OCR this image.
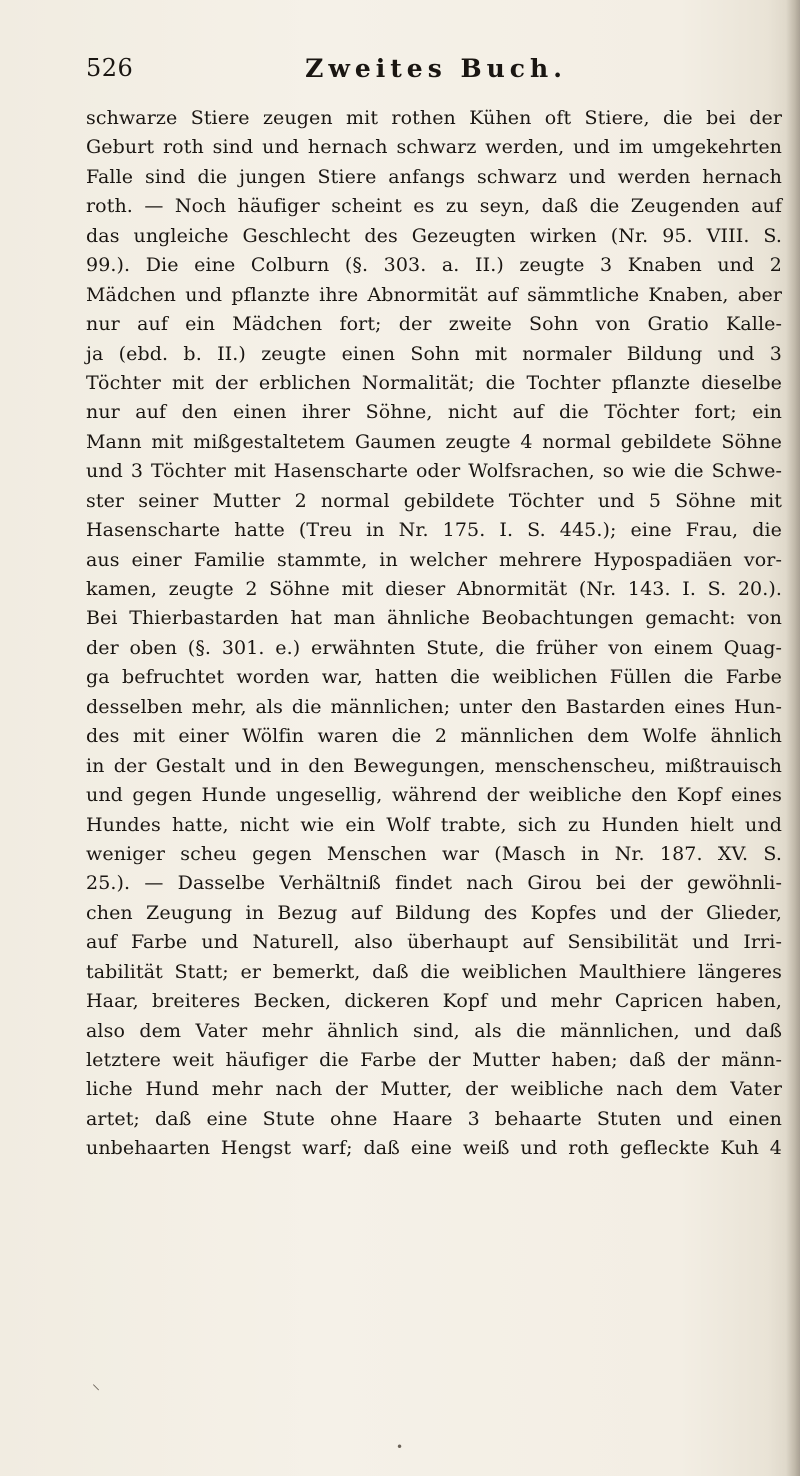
526	Zweites Buch.
schwarze Stiere zeugen mit rothen Kühen oft Stiere, die bei der
Geburt roth sind und hernach schwarz werden, und im umgekehrten
Falle sind die jungen Stiere anfangs schwarz und werden hernach
roth. — Noch häufiger scheint es zu seyn, daß die Zeugenden auf
das ungleiche Geschlecht des Gezeugten wirken (Nr. 95. VIII. S.
99.). Die eine Colburn (§. 303. a. II.) zeugte 3 Knaben und 2
Mädchen und pflanzte ihre Abnormität auf sämmtliche Knaben, aber
nur auf ein Mädchen fort; der zweite Sohn von Gratio Kalle-
ja (ebd. b. II.) zeugte einen Sohn mit normaler Bildung und 3
Töchter mit der erblichen Normalität; die Tochter pflanzte dieselbe
nur auf den einen ihrer Söhne, nicht auf die Töchter fort; ein
Mann mit mißgestaltetem Gaumen zeugte 4 normal gebildete Söhne
und 3 Töchter mit Hasenscharte oder Wolfsrachen, so wie die Schwe-
ster seiner Mutter 2 normal gebildete Töchter und 5 Söhne mit
Hasenscharte hatte (Treu in Nr. 175. I. S. 445.); eine Frau, die
aus einer Familie stammte, in welcher mehrere Hypospadiäen vor-
kamen, zeugte 2 Söhne mit dieser Abnormität (Nr. 143. I. S. 20.).
Bei Thierbastarden hat man ähnliche Beobachtungen gemacht: von
der oben (§. 301. e.) erwähnten Stute, die früher von einem Quag-
ga befruchtet worden war, hatten die weiblichen Füllen die Farbe
desselben mehr, als die männlichen; unter den Bastarden eines Hun-
des mit einer Wölfin waren die 2 männlichen dem Wolfe ähnlich
in der Gestalt und in den Bewegungen, menschenscheu, mißtrauisch
und gegen Hunde ungesellig, während der weibliche den Kopf eines
Hundes hatte, nicht wie ein Wolf trabte, sich zu Hunden hielt und
weniger scheu gegen Menschen war (Masch in Nr. 187. XV. S.
25.). — Dasselbe Verhältniß findet nach Girou bei der gewöhnli-
chen Zeugung in Bezug auf Bildung des Kopfes und der Glieder,
auf Farbe und Naturell, also überhaupt auf Sensibilität und Irri-
tabilität Statt; er bemerkt, daß die weiblichen Maulthiere längeres
Haar, breiteres Becken, dickeren Kopf und mehr Capricen haben,
also dem Vater mehr ähnlich sind, als die männlichen, und daß
letztere weit häufiger die Farbe der Mutter haben; daß der männ-
liche Hund mehr nach der Mutter, der weibliche nach dem Vater
artet; daß eine Stute ohne Haare 3 behaarte Stuten und einen
unbehaarten Hengst warf; daß eine weiß und roth gefleckte Kuh 4
⸜
•
